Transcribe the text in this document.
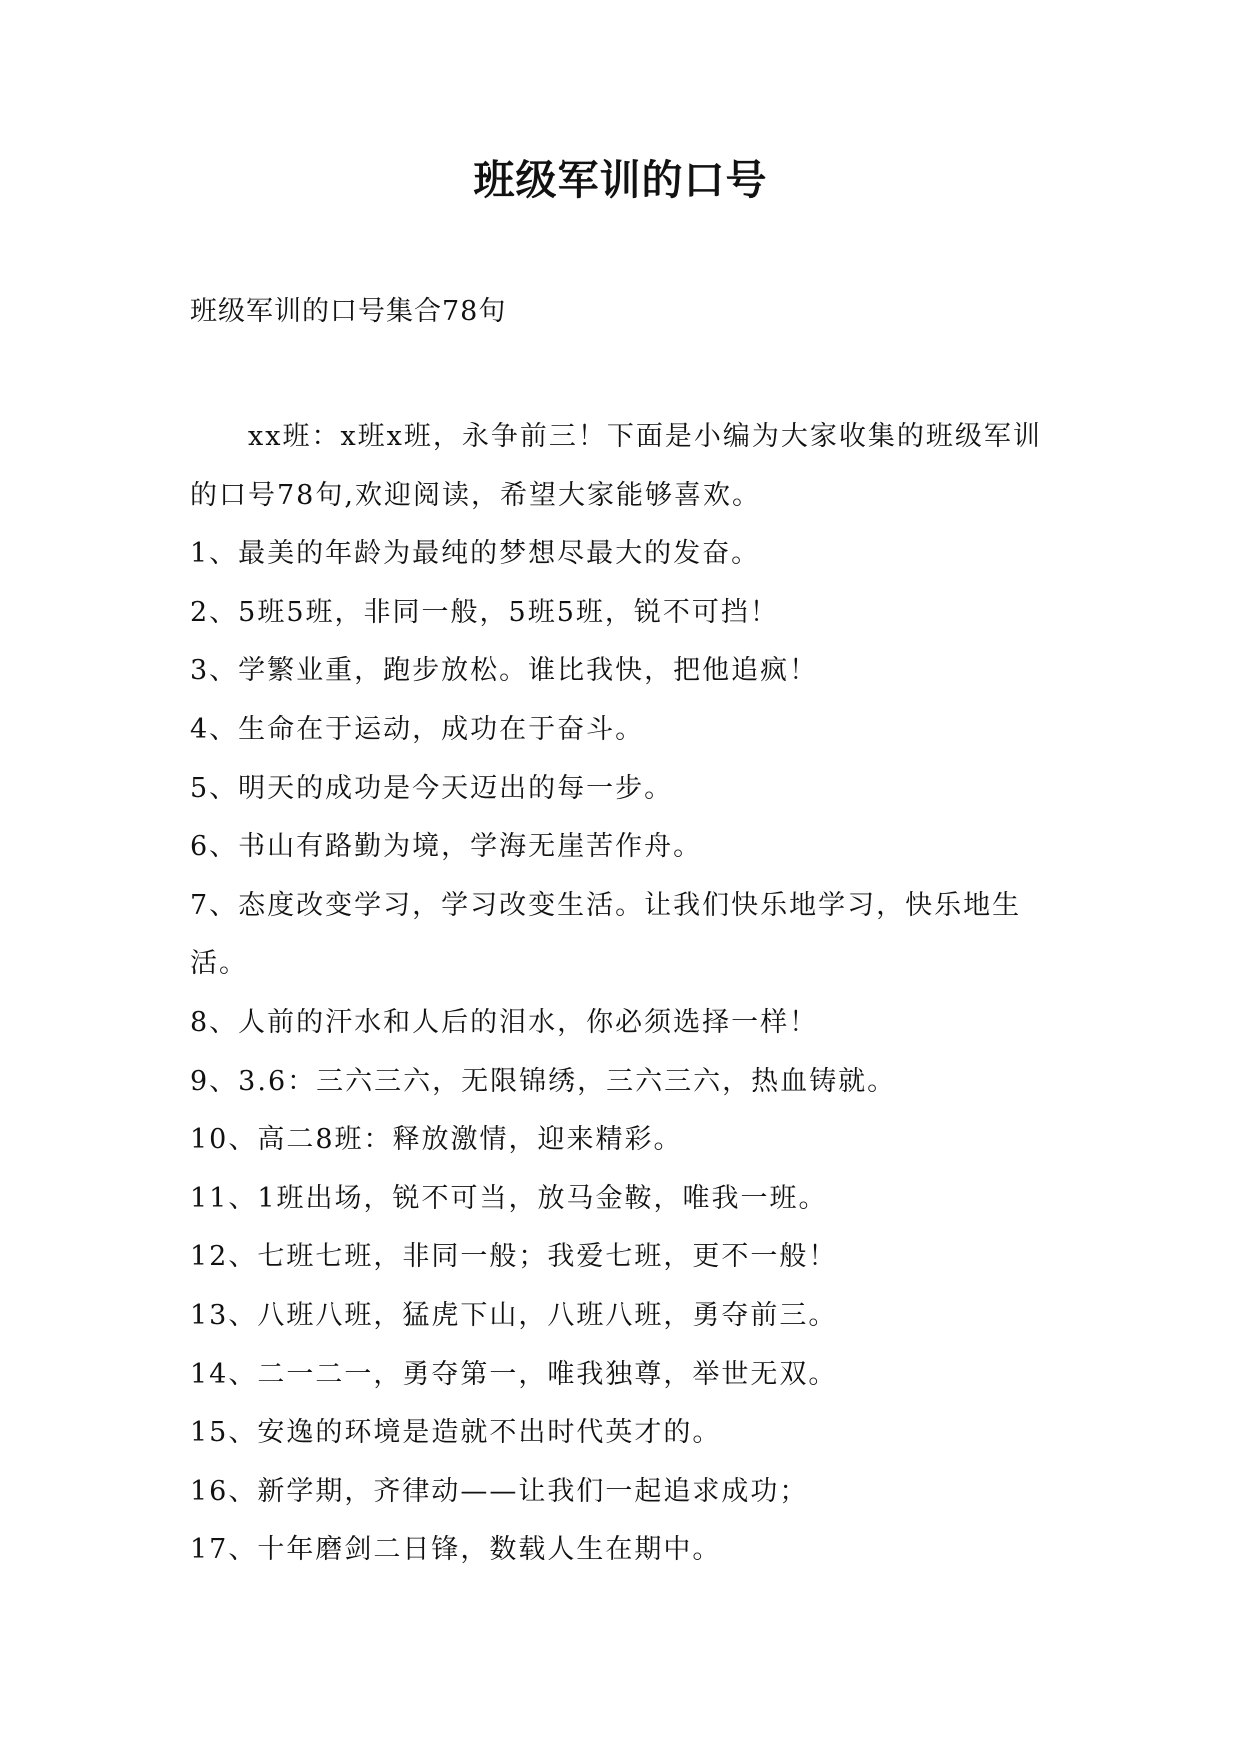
班级军训的口号
班级军训的口号集合78句

xx班：x班x班，永争前三！下面是小编为大家收集的班级军训的口号78句,欢迎阅读，希望大家能够喜欢。

1、最美的年龄为最纯的梦想尽最大的发奋。

2、5班5班，非同一般，5班5班，锐不可挡！

3、学繁业重，跑步放松。谁比我快，把他追疯！

4、生命在于运动，成功在于奋斗。

5、明天的成功是今天迈出的每一步。

6、书山有路勤为境，学海无崖苦作舟。

7、态度改变学习，学习改变生活。让我们快乐地学习，快乐地生活。

8、人前的汗水和人后的泪水，你必须选择一样！

9、3.6：三六三六，无限锦绣，三六三六，热血铸就。

10、高二8班：释放激情，迎来精彩。

11、1班出场，锐不可当，放马金鞍，唯我一班。

12、七班七班，非同一般；我爱七班，更不一般！

13、八班八班，猛虎下山，八班八班，勇夺前三。

14、二一二一，勇夺第一，唯我独尊，举世无双。

15、安逸的环境是造就不出时代英才的。

16、新学期，齐律动——让我们一起追求成功；

17、十年磨剑二日锋，数载人生在期中。
